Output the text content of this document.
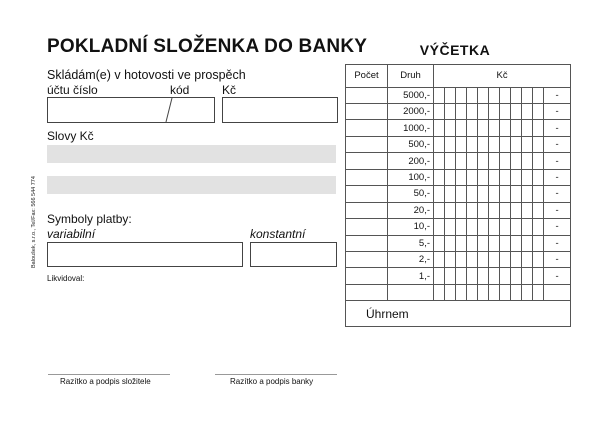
POKLADNÍ SLOŽENKA DO BANKY
Skládám(e) v hotovosti ve prospěch
účtu číslo	kód	Kč
Slovy Kč
Symboly platby:
variabilní	konstantní
Likvidoval:
Razítko a podpis složitele	Razítko a podpis banky
Baloušek, s.r.o., Tel/Fax: 566 544 774
VÝČETKA
Počet	Druh	Kč										
	5000,-											-
	2000,-											-
	1000,-											-
	500,-											-
	200,-											-
	100,-											-
	50,-											-
	20,-											-
	10,-											-
	5,-											-
	2,-											-
	1,-											-

Úhrnem												
